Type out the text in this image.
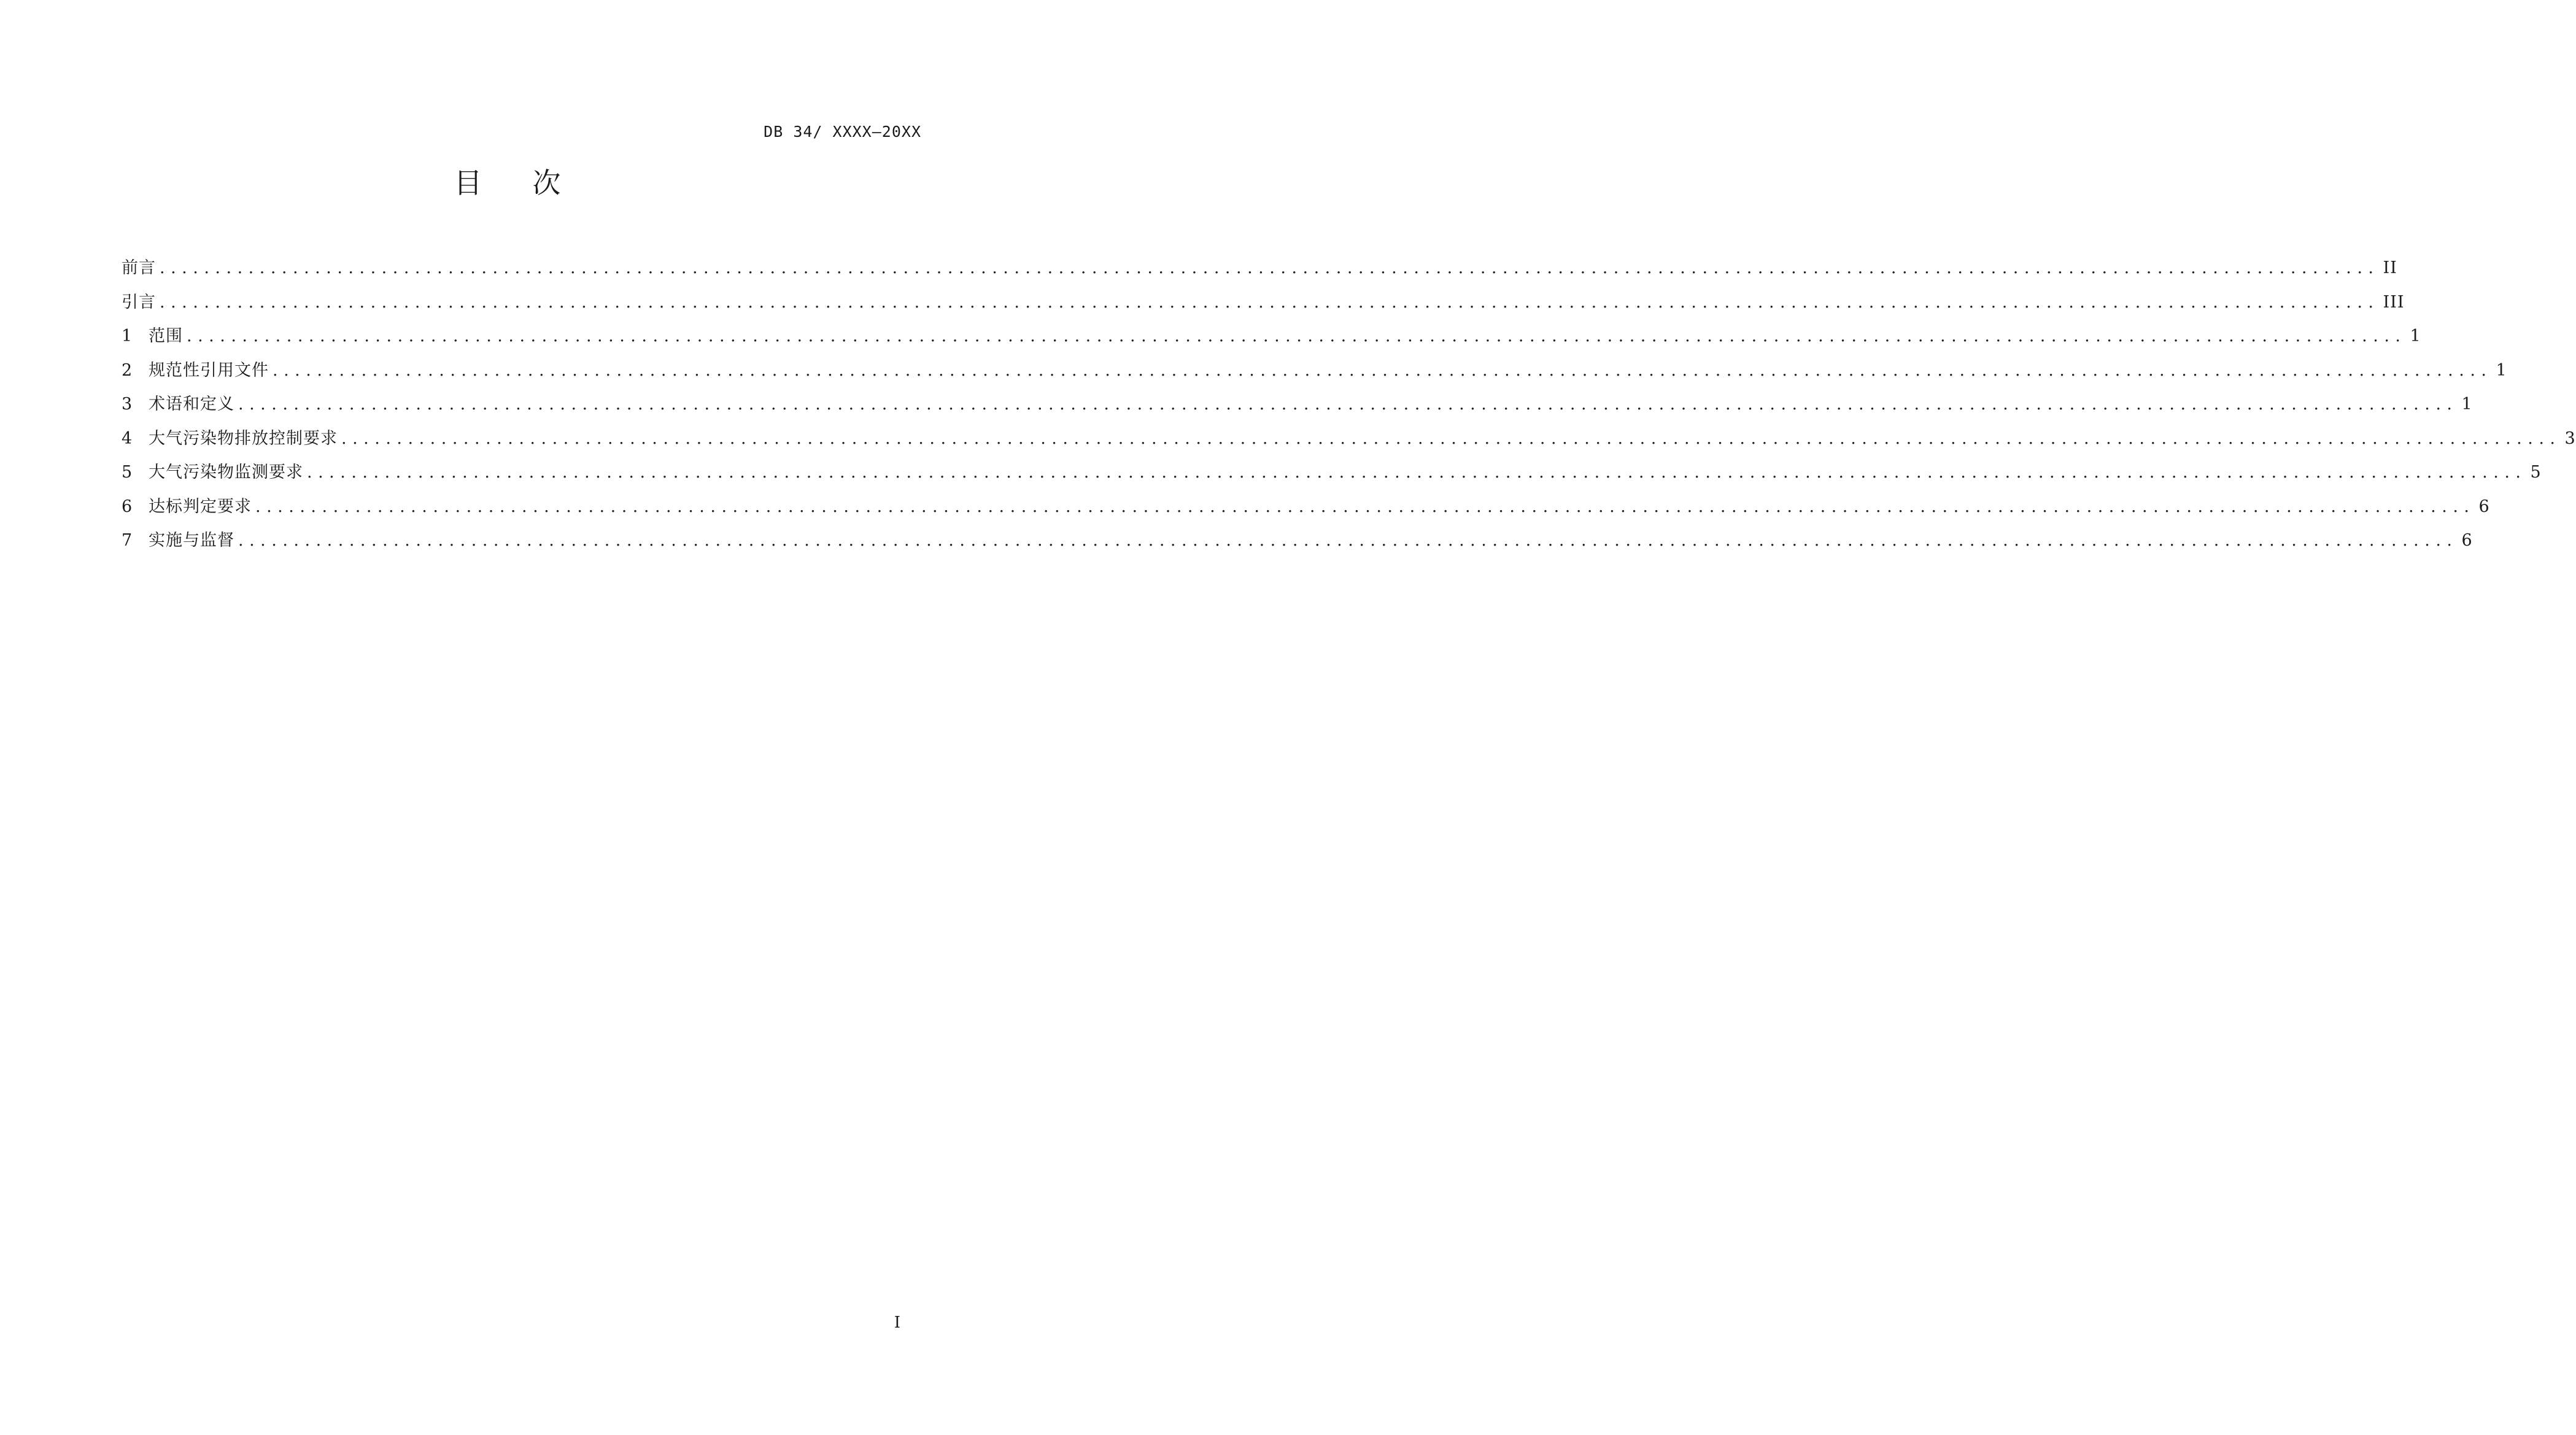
DB 34/ XXXX—20XX
目 次
前言 ........................................................................................................................................................................................................ II
引言 ........................................................................................................................................................................................................ III
1 范围 ........................................................................................................................................................................................................ 1
2 规范性引用文件 ........................................................................................................................................................................................................ 1
3 术语和定义 ........................................................................................................................................................................................................ 1
4 大气污染物排放控制要求 ........................................................................................................................................................................................................ 3
5 大气污染物监测要求 ........................................................................................................................................................................................................ 5
6 达标判定要求 ........................................................................................................................................................................................................ 6
7 实施与监督 ........................................................................................................................................................................................................ 6
I
